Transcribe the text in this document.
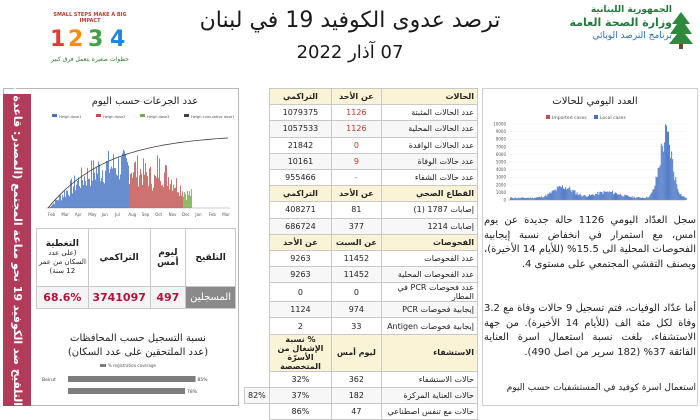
ترصد عدوى الكوفيد 19 في لبنان
07 آذار 2022
الجمهورية اللبنانية
وزارة الصحة العامة
برنامج الترصد الوبائي
SMALL STEPS MAKE A BIG IMPACT
1 2 3 4
خطوات صغيرة بتعمل فرق كبير
التلقيح ضد الكوفيد 19 نحو مناعة المجتمع (المصدر: قاعدة بيانات المنصة)
عدد الجرعات حسب اليوم
Heigh dose1	Heigh dose2	Heigh dose3	Heigh cumulative dose1
Feb Mar Apr May Jun Jul Aug Sep Oct Nov Dec Jan Feb Mar
التلقيح	ليوم أمس	التراكمي	التغطية
(على عدد السكان من عمر 12 سنة)

المسجلين	497	3741097	68.6%
نسبة التسجيل حسب المحافظات
(عدد الملتحقين على عدد السكان)
% registration coverage
Beirut	85%
78%
الحالات	عن الأحد	التراكمي	
عدد الحالات المثبتة	1126	1079375	
عدد الحالات المحلية	1126	1057533	
عدد الحالات الوافدة	0	21842	
عدد حالات الوفاة	9	10161	
عدد حالات الشفاء	-	955466	
القطاع الصحي	عن الأحد	التراكمي	
إصابات 1787 (1)	81	408271	
إصابات 1214	377	686724	
الفحوصات	عن السبت	عن الأحد	
عدد الفحوصات	11452	9263	
عدد الفحوصات المحلية	11452	9263	
عدد فحوصات PCR في المطار	0	0	
إيجابية فحوصات PCR	974	1124	
إيجابية فحوصات Antigen	33	2	
الاستشفاء	ليوم أمس	% نسبة الإشغال من الأسرّة المتخصصة	
حالات الاستشفاء	362	32%	
حالات العناية المركزة	182	37%	82%
حالات مع تنفس اصطناعي	47	86%	
العدد اليومي للحالات
Imported cases	Local cases
0
1000
2000
3000
4000
5000
6000
7000
8000
9000
10000
سجل العدّاد اليومي 1126 حالة جديدة عن يوم امس، مع استمرار في انخفاض نسبة إيجابية الفحوصات المحلية الى 15.5% (للأيام 14 الأخيرة)، ويصنف التفشي المجتمعي على مستوى 4.
أما عدّاد الوفيات، فتم تسجيل 9 حالات وفاة مع 3.2 وفاة لكل مئة الف (للأيام 14 الأخيرة). من جهة الاستشفاء، بلغت نسبة استعمال اسرة العناية الفائقة 37% (182 سرير من اصل 490).
استعمال اسرة كوفيد في المستشفيات حسب اليوم
